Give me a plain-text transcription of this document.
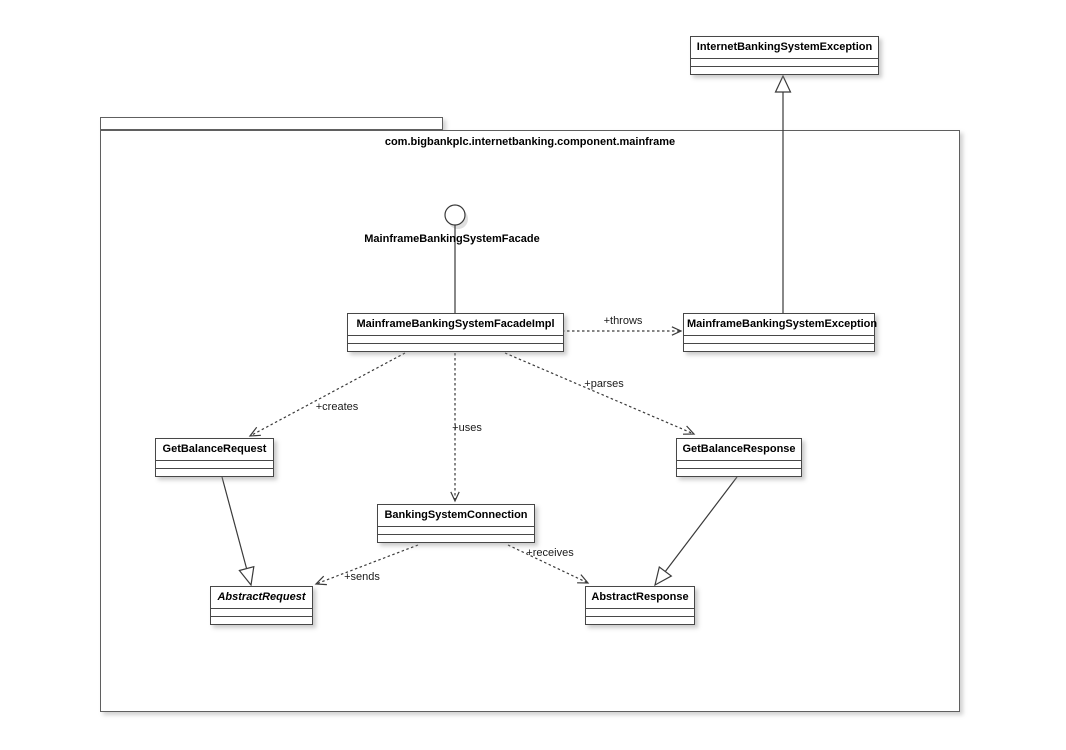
com.bigbankplc.internetbanking.component.mainframe
MainframeBankingSystemFacade
InternetBankingSystemException
MainframeBankingSystemFacadeImpl	MainframeBankingSystemException
GetBalanceRequest	GetBalanceResponse
BankingSystemConnection
AbstractRequest	AbstractResponse
+throws
+creates
+uses
+parses
+sends
+receives
